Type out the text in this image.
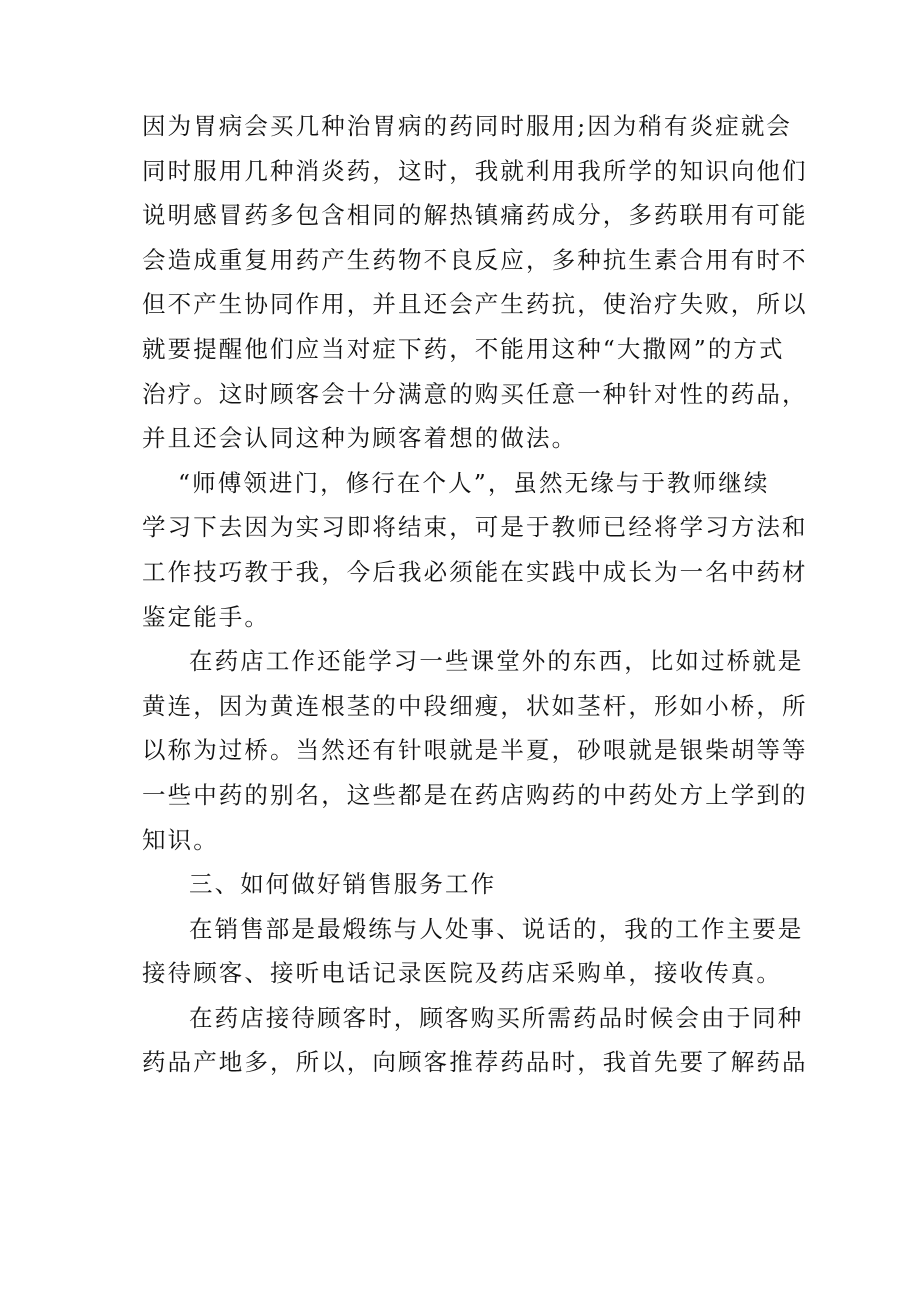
因为胃病会买几种治胃病的药同时服用;因为稍有炎症就会
同时服用几种消炎药，这时，我就利用我所学的知识向他们
说明感冒药多包含相同的解热镇痛药成分，多药联用有可能
会造成重复用药产生药物不良反应，多种抗生素合用有时不
但不产生协同作用，并且还会产生药抗，使治疗失败，所以
就要提醒他们应当对症下药，不能用这种“大撒网”的方式
治疗。这时顾客会十分满意的购买任意一种针对性的药品，
并且还会认同这种为顾客着想的做法。
“师傅领进门，修行在个人”，虽然无缘与于教师继续
学习下去因为实习即将结束，可是于教师已经将学习方法和
工作技巧教于我，今后我必须能在实践中成长为一名中药材
鉴定能手。
在药店工作还能学习一些课堂外的东西，比如过桥就是
黄连，因为黄连根茎的中段细瘦，状如茎杆，形如小桥，所
以称为过桥。当然还有针哏就是半夏，砂哏就是银柴胡等等
一些中药的别名，这些都是在药店购药的中药处方上学到的
知识。
三、如何做好销售服务工作
在销售部是最煅练与人处事、说话的，我的工作主要是
接待顾客、接听电话记录医院及药店采购单，接收传真。
在药店接待顾客时，顾客购买所需药品时候会由于同种
药品产地多，所以，向顾客推荐药品时，我首先要了解药品
